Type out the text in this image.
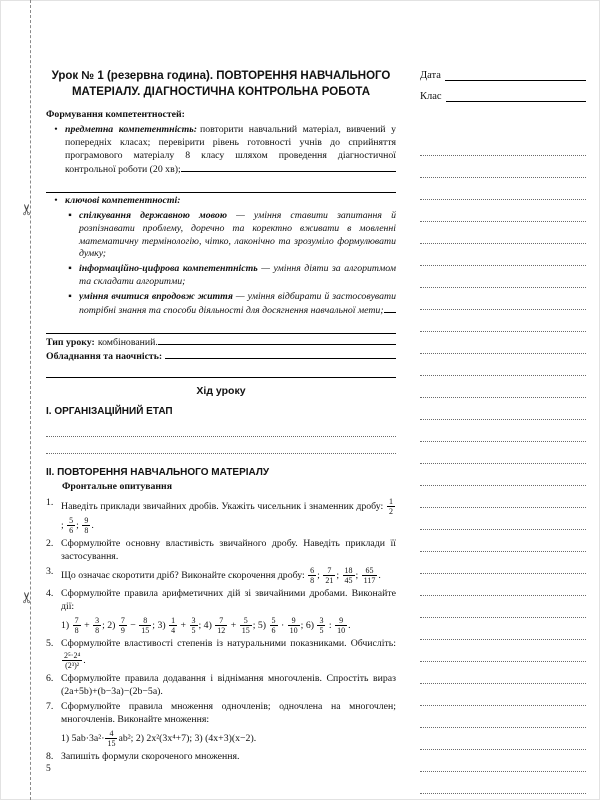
✂
✂
Урок № 1 (резервна година). ПОВТОРЕННЯ НАВЧАЛЬНОГО МАТЕРІАЛУ. ДІАГНОСТИЧНА КОНТРОЛЬНА РОБОТА
Формування компетентностей:
• предметна компетентність: повторити навчальний матеріал, вивчений у попередніх класах; перевірити рівень готовності учнів до сприйняття програмового матеріалу 8 класу шляхом проведення діагностичної контрольної роботи (20 хв);

• ключові компетентності:

▪ спілкування державною мовою — уміння ставити запитання й розпізнавати проблему, доречно та коректно вживати в мовленні математичну термінологію, чітко, лаконічно та зрозуміло формулювати думку;

▪ інформаційно-цифрова компетентність — уміння діяти за алгоритмом та складати алгоритми;

▪ уміння вчитися впродовж життя — уміння відбирати й застосовувати потрібні знання та способи діяльності для досягнення навчальної мети;

Тип уроку: комбінований.

Обладнання та наочність:

Хід уроку
І. ОРГАНІЗАЦІЙНИЙ ЕТАП
ІІ. ПОВТОРЕННЯ НАВЧАЛЬНОГО МАТЕРІАЛУ
Фронтальне опитування
1. Наведіть приклади звичайних дробів. Укажіть чисельник і знаменник дробу: $\frac{1}{2}$
; $\frac{5}{6}$ ; $\frac{9}{8}$ .
2. Сформулюйте основну властивість звичайного дробу. Наведіть приклади її застосування.
3. Що означає скоротити дріб? Виконайте скорочення дробу: $\frac{6}{8}$ ; $\frac{7}{21}$ ; $\frac{18}{45}$ ; $\frac{65}{117}$ .
4. Сформулюйте правила арифметичних дій зі звичайними дробами. Виконайте дії:
$1) \frac{7}{8} + \frac{3}{8}$ ; $2) \frac{7}{9} - \frac{8}{15}$ ; $3) \frac{1}{4} + \frac{3}{5}$ ; $4) \frac{7}{12} + \frac{5}{15}$ ; $5) \frac{5}{6} \cdot \frac{9}{10}$ ; $6) \frac{3}{5}$ : $\frac{9}{10}$ .
5. Сформулюйте властивості степенів із натуральними показниками. Обчисліть:
$\frac{\text{2⁵·2⁴}}{\text{(2³)²}}$ .
6. Сформулюйте правила додавання і віднімання многочленів. Спростіть вираз (2a+5b)+(b−3a)−(2b−5a).
7. Сформулюйте правила множення одночленів; одночлена на многочлен; многочленів. Виконайте множення:
1) $5ab\cdot 3a^2\cdot \frac{4}{15} ab^2$; 2) 2x²(3x⁴+7); 3) (4x+3)(x−2).
8. Запишіть формули скороченого множення.
Дата
Клас
5
